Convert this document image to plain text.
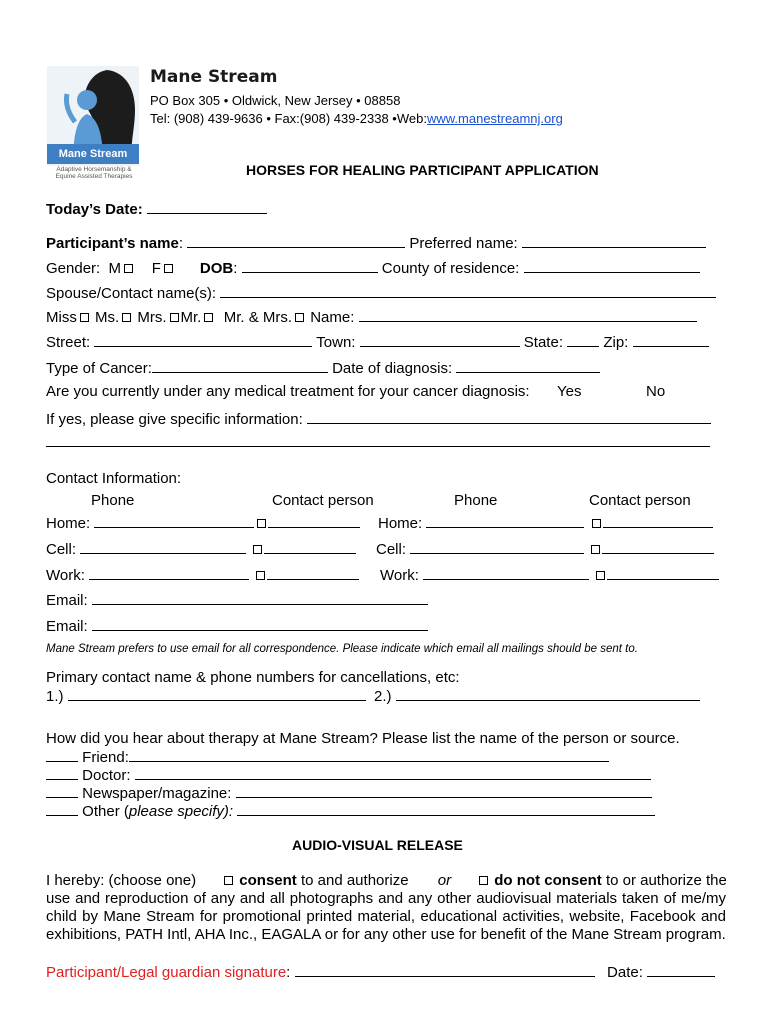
Mane Stream
Adaptive Horsemanship & Equine Assisted Therapies
Mane Stream
PO Box 305 • Oldwick, New Jersey • 08858
Tel: (908) 439-9636 • Fax:(908) 439-2338 •Web:www.manestreamnj.org
HORSES FOR HEALING PARTICIPANT APPLICATION
Today’s Date:
Participant’s name:	Preferred name:
Gender: M F	DOB:	County of residence:
Spouse/Contact name(s):
Miss Ms. Mrs. Mr. Mr. & Mrs. Name:
Street:	Town:	State:	Zip:
Type of Cancer:	Date of diagnosis:
Are you currently under any medical treatment for your cancer diagnosis: Yes	No
If yes, please give specific information:
Contact Information:
Phone	Contact person	Phone	Contact person
Home:	Home:
Cell:	Cell:
Work:	Work:
Email:
Email:
Mane Stream prefers to use email for all correspondence. Please indicate which email all mailings should be sent to.
Primary contact name & phone numbers for cancellations, etc:
1.)	2.)
How did you hear about therapy at Mane Stream? Please list the name of the person or source.
Friend:
Doctor:
Newspaper/magazine:
Other (please specify):
AUDIO-VISUAL RELEASE
I hereby: (choose one)	consent to and authorize or	do not consent to or authorize the
use and reproduction of any and all photographs and any other audiovisual materials taken of me/my child by Mane Stream for promotional printed material, educational activities, website, Facebook and exhibitions, PATH Intl, AHA Inc., EAGALA or for any other use for benefit of the Mane Stream program.
Participant/Legal guardian signature:	Date:
